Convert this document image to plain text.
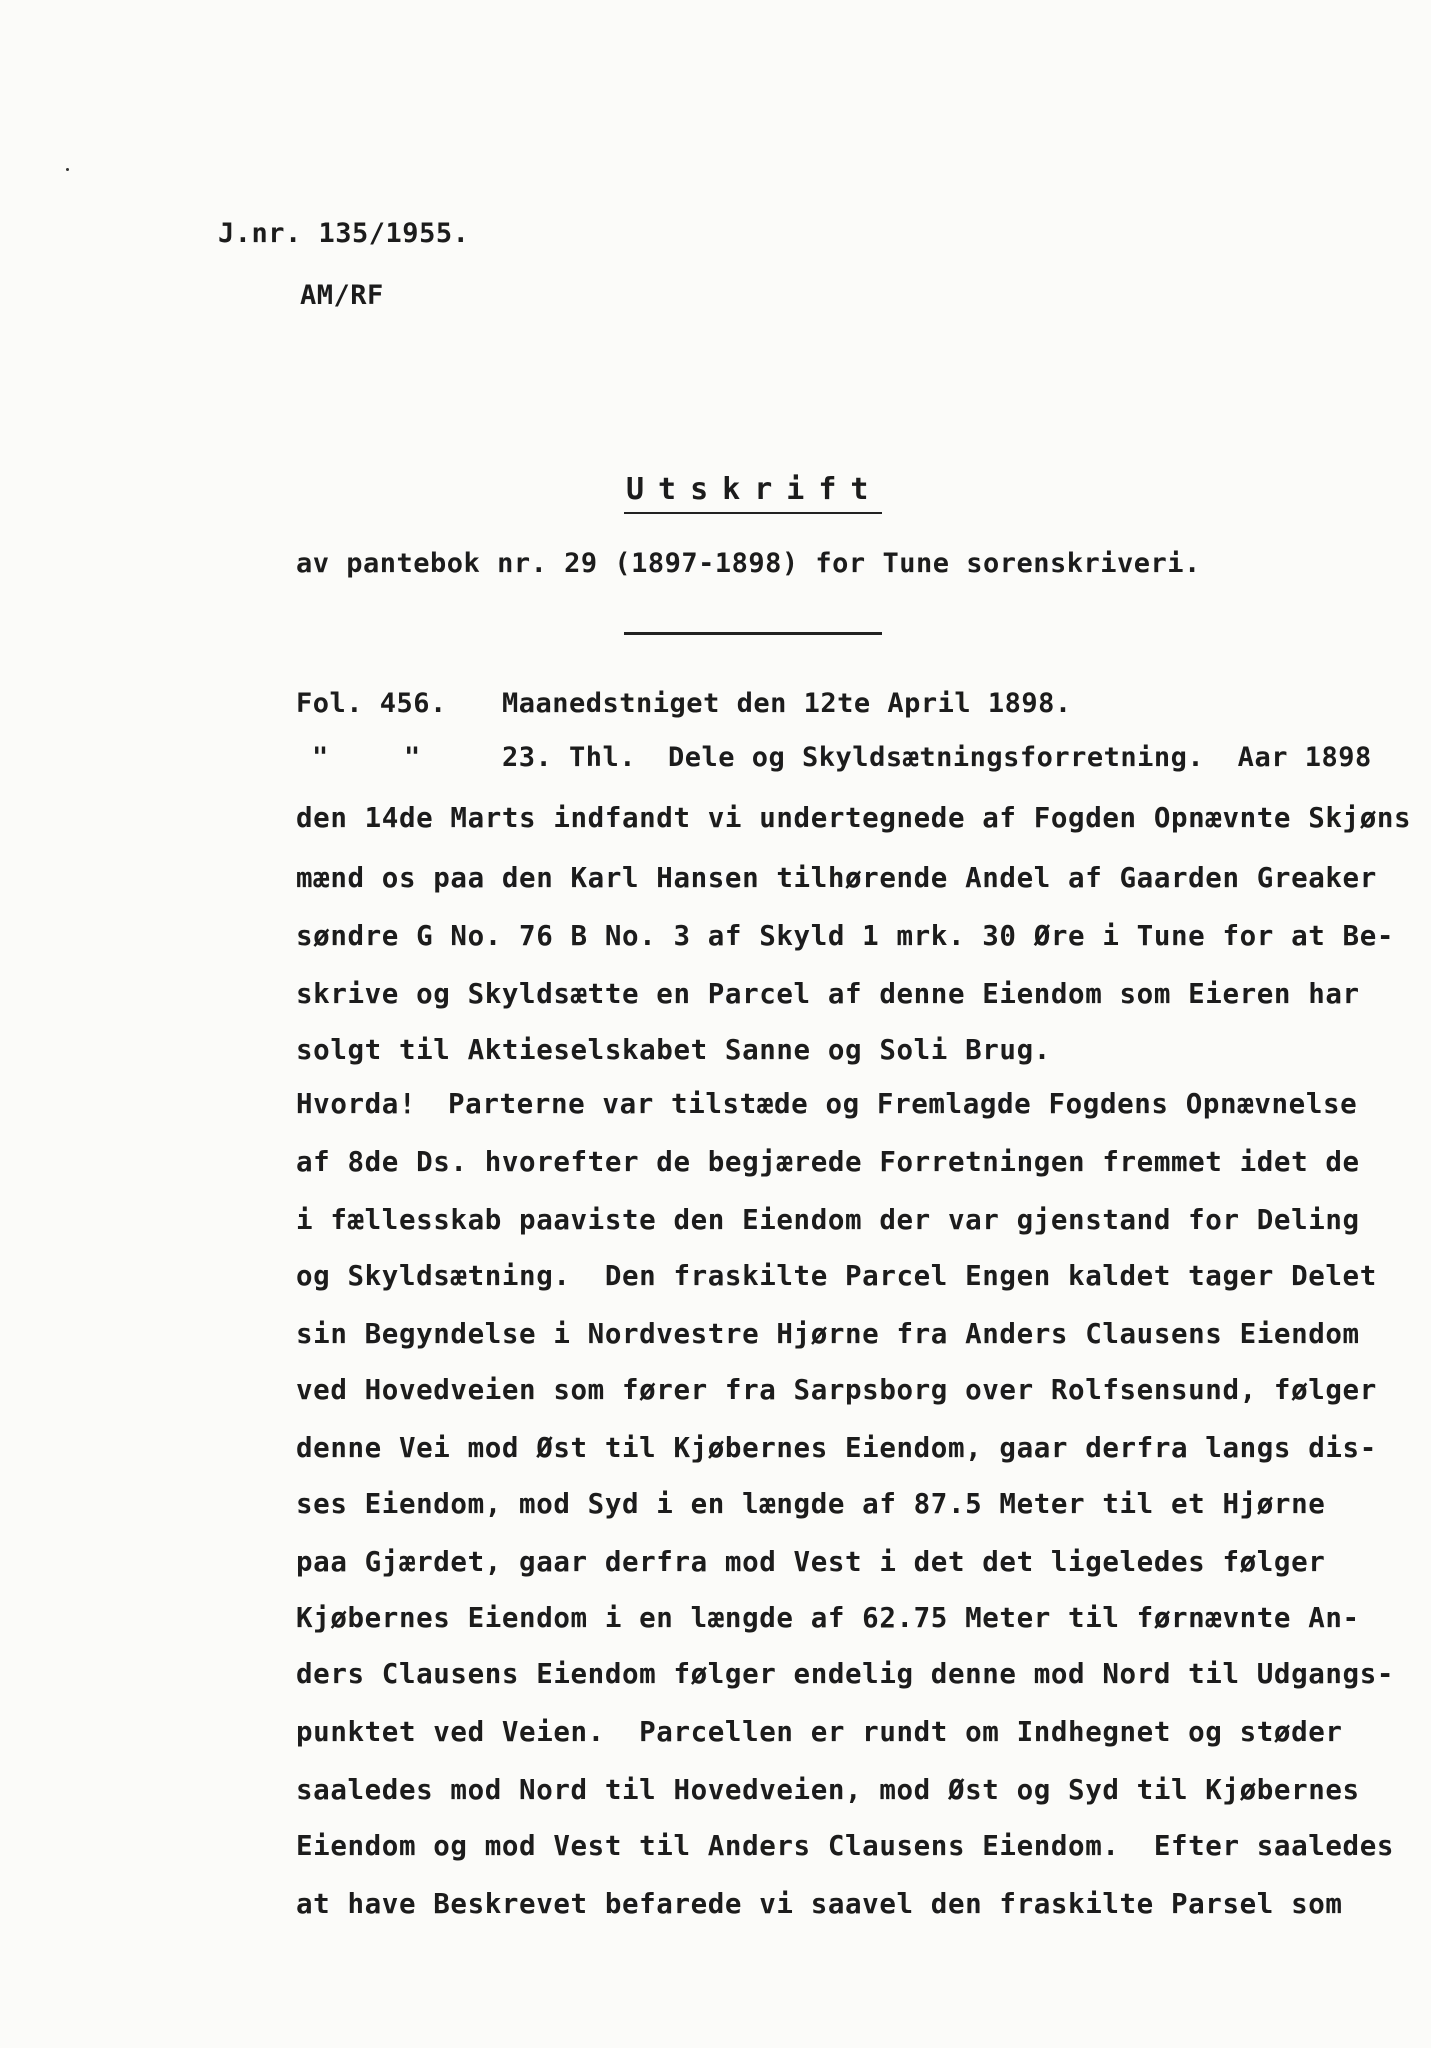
J.nr. 135/1955.
AM/RF
Utskrift
av pantebok nr. 29 (1897-1898) for Tune sorenskriveri.
Fol. 456. Maanedstniget den 12te April 1898.
"	"	23. Thl. Dele og Skyldsætningsforretning.  Aar 1898
den 14de Marts indfandt vi undertegnede af Fogden Opnævnte Skjøns
mænd os paa den Karl Hansen tilhørende Andel af Gaarden Greaker
søndre G No. 76 B No. 3 af Skyld 1 mrk. 30 Øre i Tune for at Be-
skrive og Skyldsætte en Parcel af denne Eiendom som Eieren har
solgt til Aktieselskabet Sanne og Soli Brug.
Hvorda! Parterne var tilstæde og Fremlagde Fogdens Opnævnelse
af 8de Ds. hvorefter de begjærede Forretningen fremmet idet de
i fællesskab paaviste den Eiendom der var gjenstand for Deling
og Skyldsætning.  Den fraskilte Parcel Engen kaldet tager Delet
sin Begyndelse i Nordvestre Hjørne fra Anders Clausens Eiendom
ved Hovedveien som fører fra Sarpsborg over Rolfsensund, følger
denne Vei mod Øst til Kjøbernes Eiendom, gaar derfra langs dis-
ses Eiendom, mod Syd i en længde af 87.5 Meter til et Hjørne
paa Gjærdet, gaar derfra mod Vest i det det ligeledes følger
Kjøbernes Eiendom i en længde af 62.75 Meter til førnævnte An-
ders Clausens Eiendom følger endelig denne mod Nord til Udgangs-
punktet ved Veien.  Parcellen er rundt om Indhegnet og støder
saaledes mod Nord til Hovedveien, mod Øst og Syd til Kjøbernes
Eiendom og mod Vest til Anders Clausens Eiendom.  Efter saaledes
at have Beskrevet befarede vi saavel den fraskilte Parsel som
